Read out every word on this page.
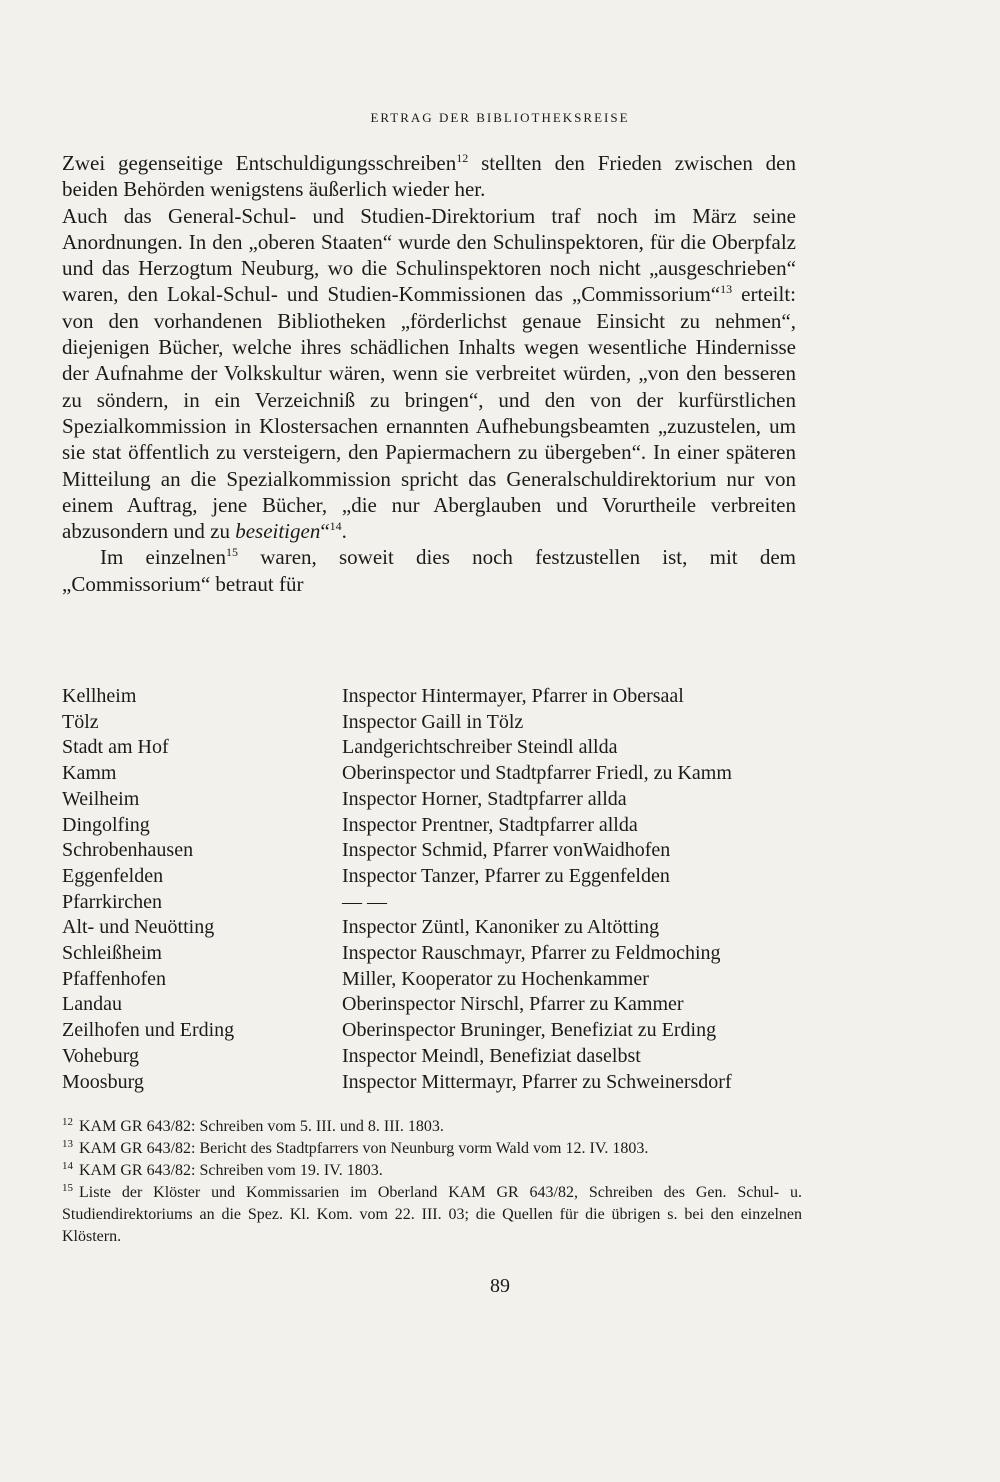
ERTRAG DER BIBLIOTHEKSREISE

Zwei gegenseitige Entschuldigungsschreiben$^{12}$ stellten den Frieden zwischen den beiden Behörden wenigstens äußerlich wieder her.

Auch das General-Schul- und Studien-Direktorium traf noch im März seine Anordnungen. In den „oberen Staaten“ wurde den Schulinspektoren, für die Oberpfalz und das Herzogtum Neuburg, wo die Schulinspektoren noch nicht „ausgeschrieben“ waren, den Lokal-Schul- und Studien-Kommissionen das „Commissorium“$^{13}$ erteilt: von den vorhandenen Bibliotheken „förderlichst genaue Einsicht zu nehmen“, diejenigen Bücher, welche ihres schädlichen Inhalts wegen wesentliche Hindernisse der Aufnahme der Volkskultur wären, wenn sie verbreitet würden, „von den besseren zu söndern, in ein Verzeichniß zu bringen“, und den von der kurfürstlichen Spezialkommission in Klostersachen ernannten Aufhebungsbeamten „zuzustelen, um sie stat öffentlich zu versteigern, den Papiermachern zu übergeben“. In einer späteren Mitteilung an die Spezialkommission spricht das Generalschuldirektorium nur von einem Auftrag, jene Bücher, „die nur Aberglauben und Vorurtheile verbreiten abzusondern und zu beseitigen“$^{14}$.

Im einzelnen$^{15}$ waren, soweit dies noch festzustellen ist, mit dem „Commissorium“ betraut für

Kellheim	Inspector Hintermayer, Pfarrer in Obersaal
Tölz	Inspector Gaill in Tölz
Stadt am Hof	Landgerichtschreiber Steindl allda
Kamm	Oberinspector und Stadtpfarrer Friedl, zu Kamm
Weilheim	Inspector Horner, Stadtpfarrer allda
Dingolfing	Inspector Prentner, Stadtpfarrer allda
Schrobenhausen	Inspector Schmid, Pfarrer vonWaidhofen
Eggenfelden	Inspector Tanzer, Pfarrer zu Eggenfelden
Pfarrkirchen	— —
Alt- und Neuötting	Inspector Züntl, Kanoniker zu Altötting
Schleißheim	Inspector Rauschmayr, Pfarrer zu Feldmoching
Pfaffenhofen	Miller, Kooperator zu Hochenkammer
Landau	Oberinspector Nirschl, Pfarrer zu Kammer
Zeilhofen und Erding	Oberinspector Bruninger, Benefiziat zu Erding
Voheburg	Inspector Meindl, Benefiziat daselbst
Moosburg	Inspector Mittermayr, Pfarrer zu Schweinersdorf

$^{12}$ KAM GR 643/82: Schreiben vom 5. III. und 8. III. 1803.

$^{13}$ KAM GR 643/82: Bericht des Stadtpfarrers von Neunburg vorm Wald vom 12. IV. 1803.

$^{14}$ KAM GR 643/82: Schreiben vom 19. IV. 1803.

$^{15}$ Liste der Klöster und Kommissarien im Oberland KAM GR 643/82, Schreiben des Gen. Schul- u. Studiendirektoriums an die Spez. Kl. Kom. vom 22. III. 03; die Quellen für die übrigen s. bei den einzelnen Klöstern.

89
